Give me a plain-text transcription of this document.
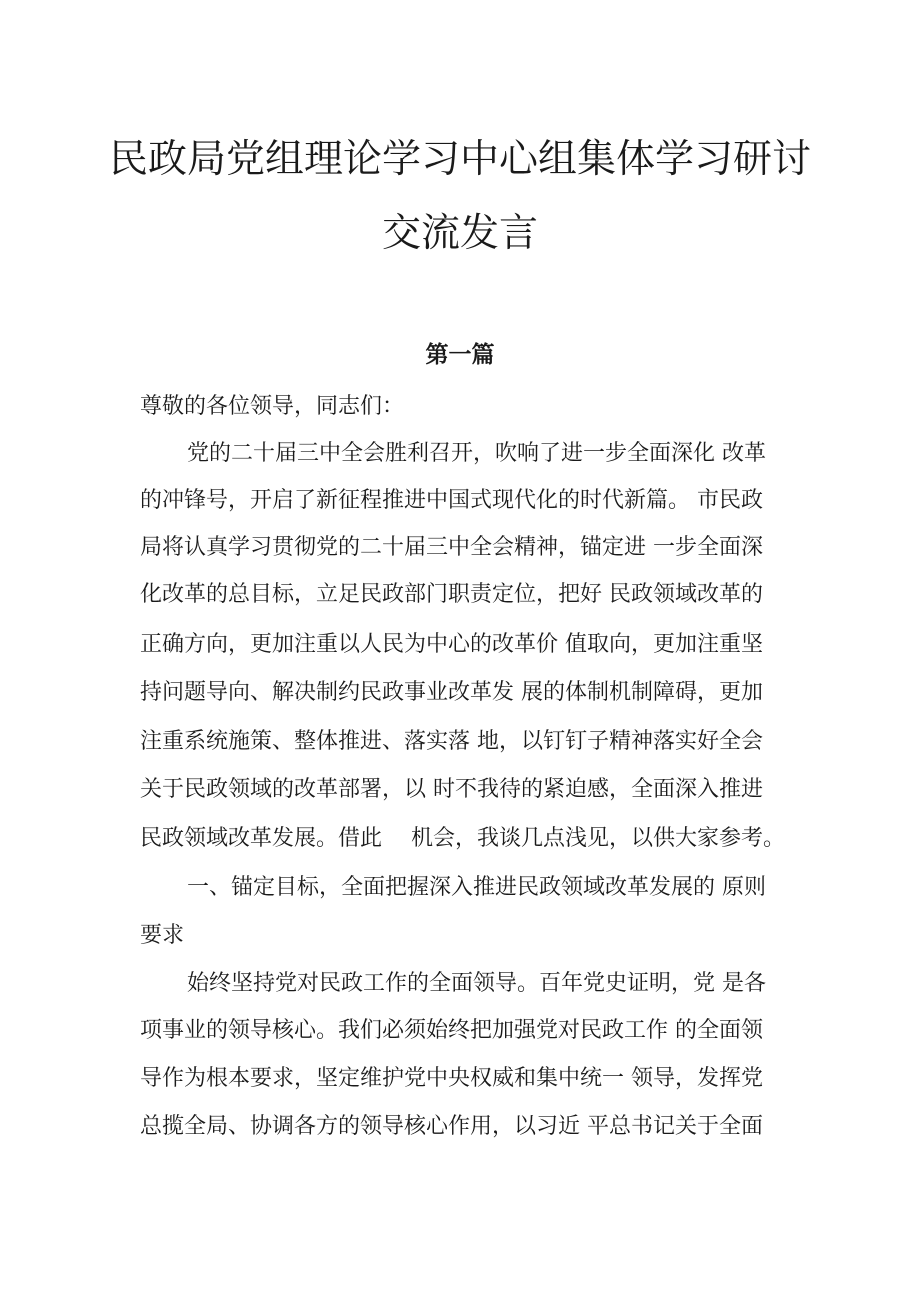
民政局党组理论学习中心组集体学习研讨
交流发言
第一篇
尊敬的各位领导，同志们：
党的二十届三中全会胜利召开，吹响了进一步全面深化 改革
的冲锋号，开启了新征程推进中国式现代化的时代新篇。 市民政
局将认真学习贯彻党的二十届三中全会精神，锚定进 一步全面深
化改革的总目标，立足民政部门职责定位，把好 民政领域改革的
正确方向，更加注重以人民为中心的改革价 值取向，更加注重坚
持问题导向、解决制约民政事业改革发 展的体制机制障碍，更加
注重系统施策、整体推进、落实落 地，以钉钉子精神落实好全会
关于民政领域的改革部署，以 时不我待的紧迫感，全面深入推进
民政领域改革发展。借此　 机会，我谈几点浅见，以供大家参考。
一、锚定目标，全面把握深入推进民政领域改革发展的 原则
要求
始终坚持党对民政工作的全面领导。百年党史证明，党 是各
项事业的领导核心。我们必须始终把加强党对民政工作 的全面领
导作为根本要求，坚定维护党中央权威和集中统一 领导，发挥党
总揽全局、协调各方的领导核心作用，以习近 平总书记关于全面
